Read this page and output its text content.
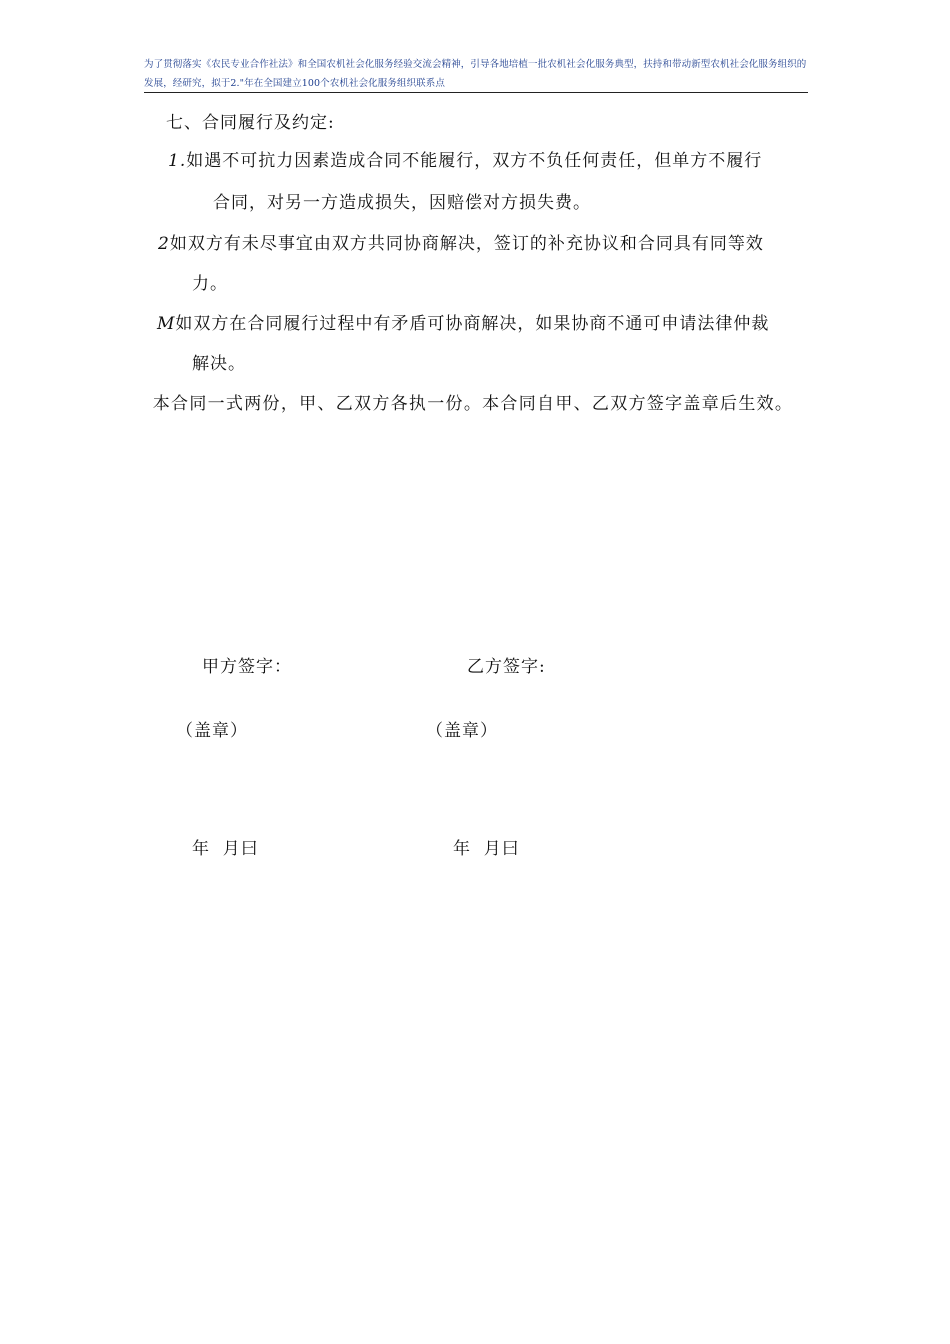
为了贯彻落实《农民专业合作社法》和全国农机社会化服务经验交流会精神，引导各地培植一批农机社会化服务典型，扶持和带动新型农机社会化服务组织的
发展，经研究，拟于2."年在全国建立100个农机社会化服务组织联系点
七、合同履行及约定:
1.如遇不可抗力因素造成合同不能履行，双方不负任何责任，但单方不履行
合同，对另一方造成损失，因赔偿对方损失费。
2如双方有未尽事宜由双方共同协商解决，签订的补充协议和合同具有同等效
力。
M如双方在合同履行过程中有矛盾可协商解决，如果协商不通可申请法律仲裁
解决。
本合同一式两份，甲、乙双方各执一份。本合同自甲、乙双方签字盖章后生效。
甲方签字：	乙方签字:
（盖章）	（盖章）
年  月曰	年  月曰
